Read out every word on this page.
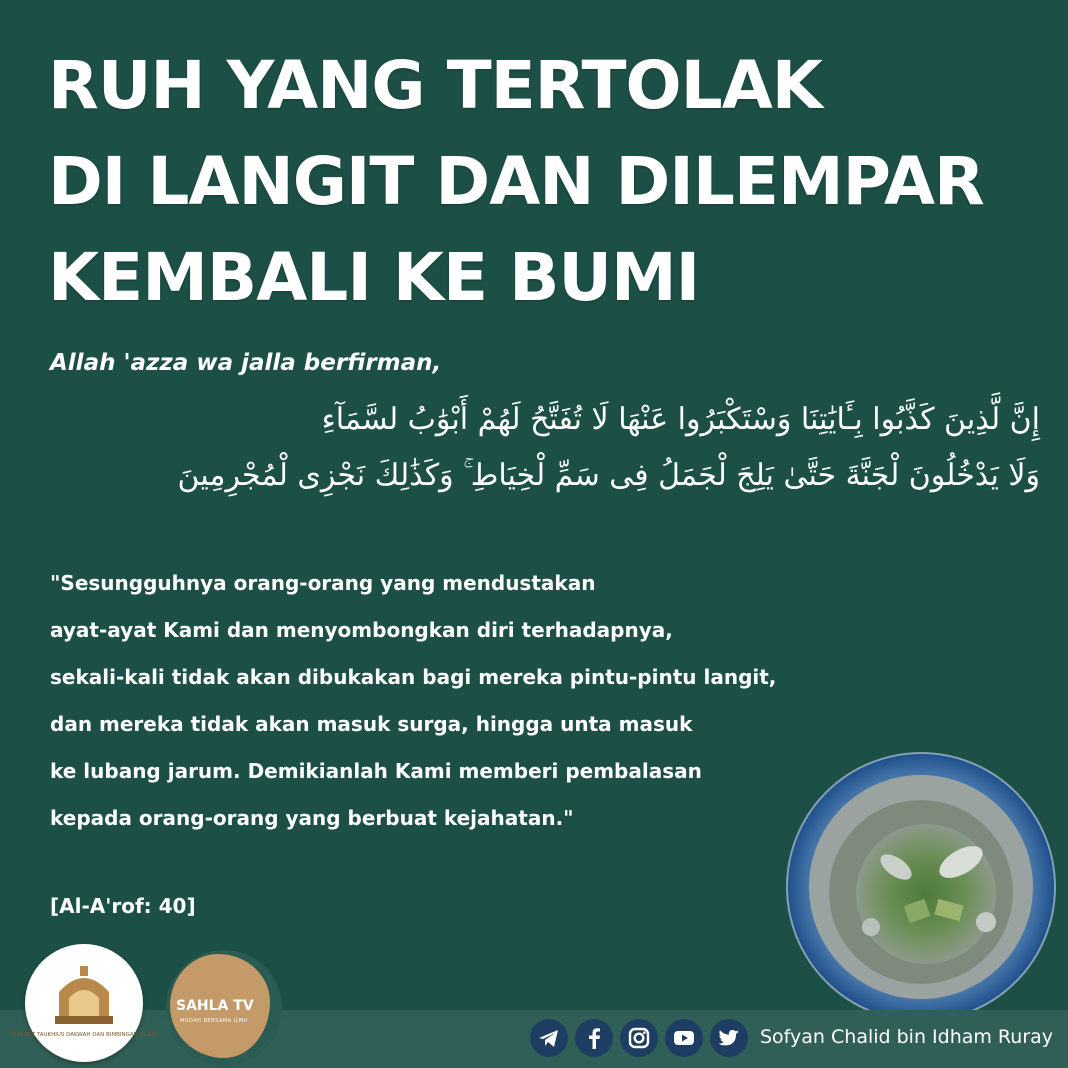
RUH YANG TERTOLAK
DI LANGIT DAN DILEMPAR
KEMBALI KE BUMI
Allah 'azza wa jalla berfirman,
إِنَّ لَّذِينَ كَذَّبُوا بِـَٔايَٰتِنَا وَسْتَكْبَرُوا عَنْهَا لَا تُفَتَّحُ لَهُمْ أَبْوَٰبُ لسَّمَآءِ
وَلَا يَدْخُلُونَ لْجَنَّةَ حَتَّىٰ يَلِجَ لْجَمَلُ فِى سَمِّ لْخِيَاطِ ۚ وَكَذَٰلِكَ نَجْزِى لْمُجْرِمِينَ
"Sesungguhnya orang-orang yang mendustakan
ayat-ayat Kami dan menyombongkan diri terhadapnya,
sekali-kali tidak akan dibukakan bagi mereka pintu-pintu langit,
dan mereka tidak akan masuk surga, hingga unta masuk
ke lubang jarum. Demikianlah Kami memberi pembalasan
kepada orang-orang yang berbuat kejahatan."
[Al-A'rof: 40]
MARKAZ TAUKHIUS DAKWAH DAN BIMBINGAN ISLAM
SAHLA TV
MUDAH BERSAMA ILMU
Sofyan Chalid bin Idham Ruray
